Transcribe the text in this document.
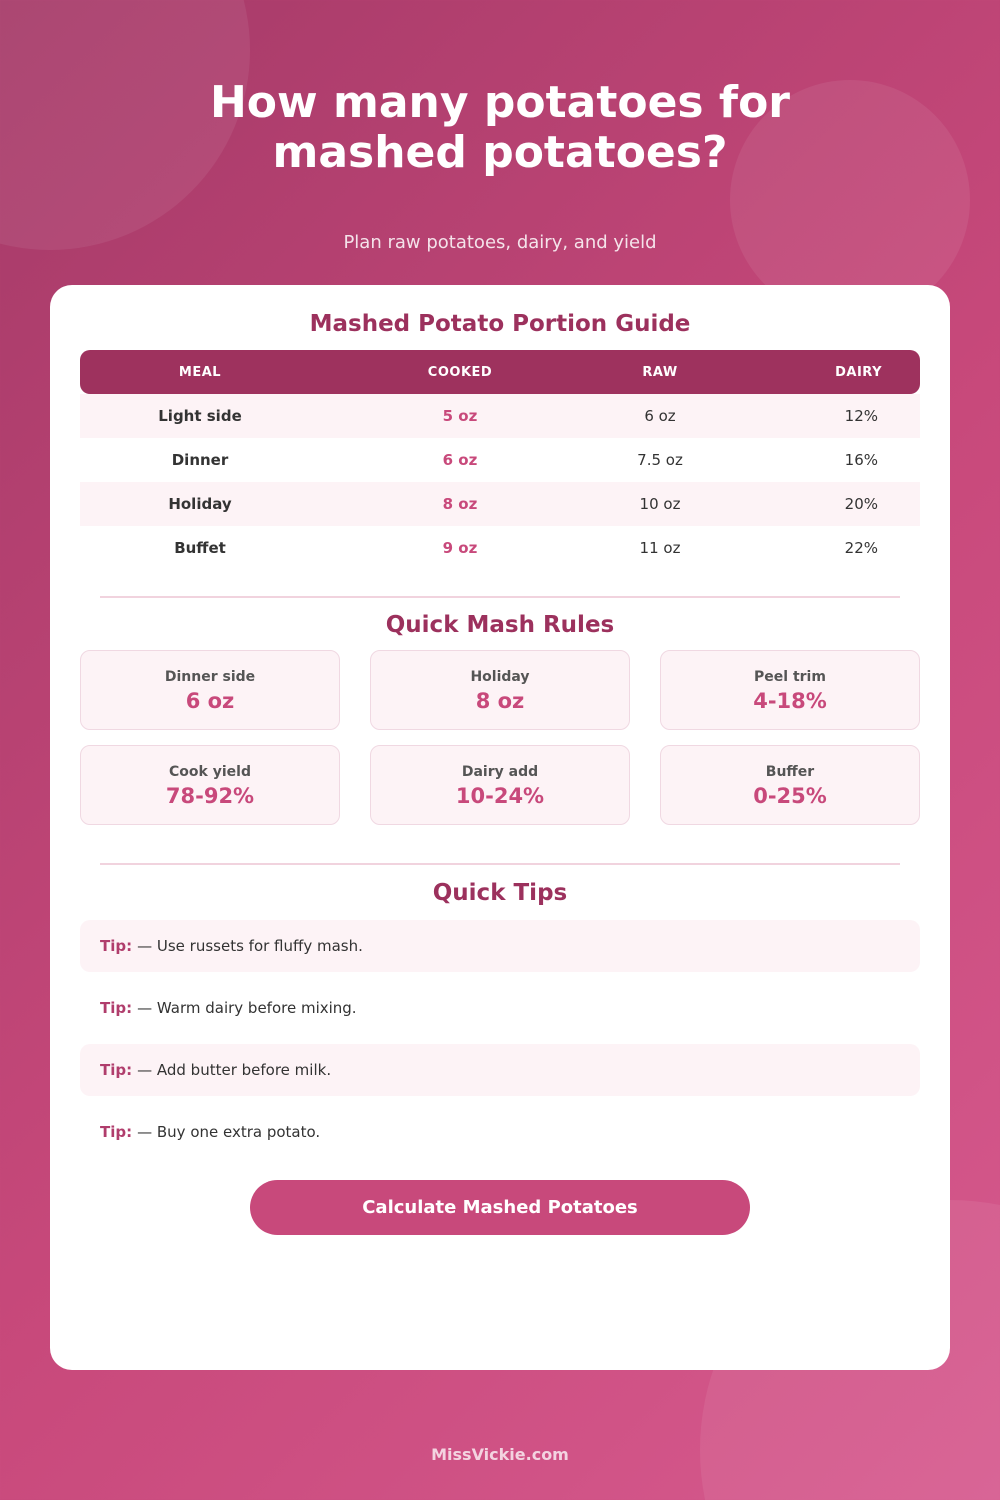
How many potatoes for
mashed potatoes?
Plan raw potatoes, dairy, and yield
Mashed Potato Portion Guide
MEAL	COOKED	RAW	DAIRY
Light side	5 oz	6 oz	12%
Dinner	6 oz	7.5 oz	16%
Holiday	8 oz	10 oz	20%
Buffet	9 oz	11 oz	22%
Quick Mash Rules
Dinner side
6 oz
Holiday
8 oz
Peel trim
4-18%
Cook yield
78-92%
Dairy add
10-24%
Buffer
0-25%
Quick Tips
Tip: — Use russets for fluffy mash.
Tip: — Warm dairy before mixing.
Tip: — Add butter before milk.
Tip: — Buy one extra potato.
Calculate Mashed Potatoes
MissVickie.com
